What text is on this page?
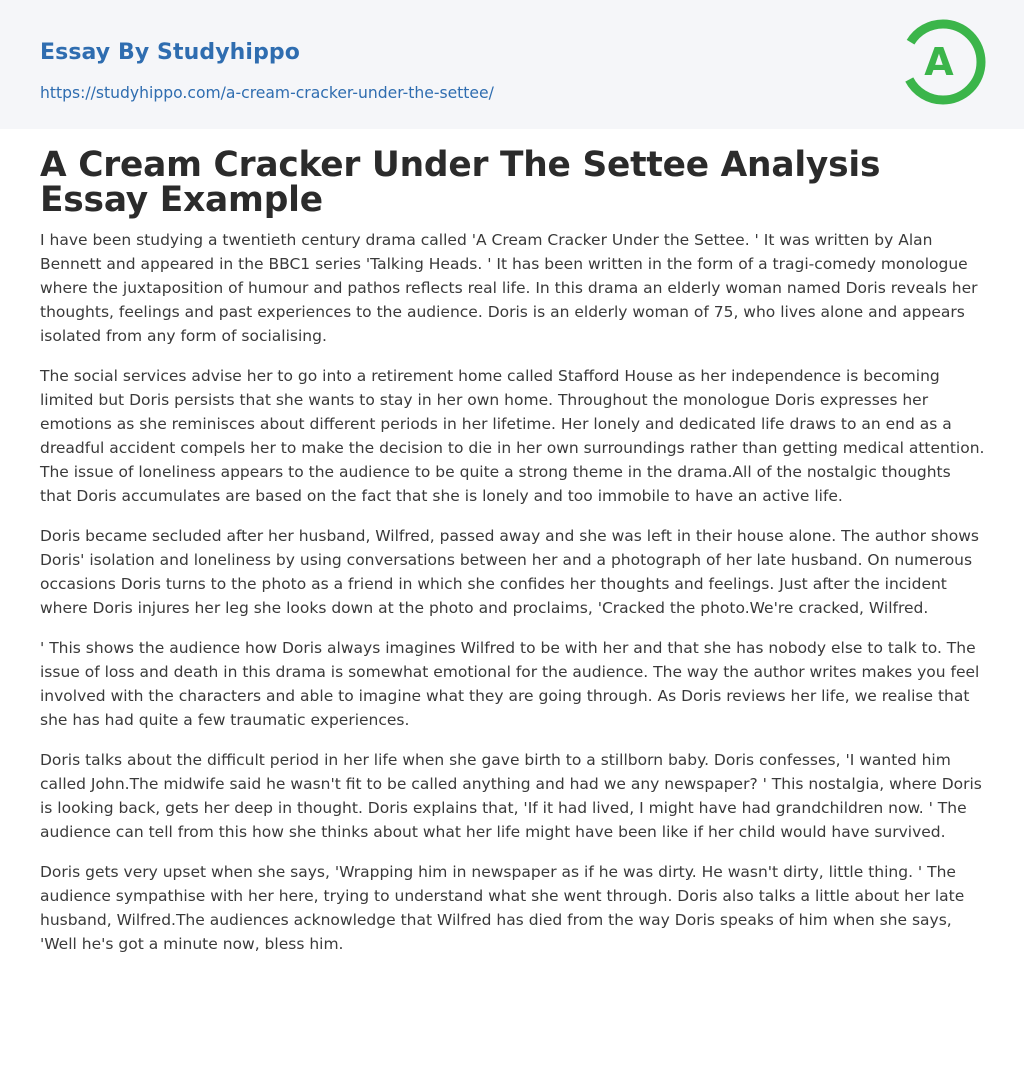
Essay By Studyhippo
https://studyhippo.com/a-cream-cracker-under-the-settee/
A
A Cream Cracker Under The Settee Analysis Essay Example

I have been studying a twentieth century drama called 'A Cream Cracker Under the Settee. ' It was written by Alan Bennett and appeared in the BBC1 series 'Talking Heads. ' It has been written in the form of a tragi-comedy monologue where the juxtaposition of humour and pathos reflects real life. In this drama an elderly woman named Doris reveals her thoughts, feelings and past experiences to the audience. Doris is an elderly woman of 75, who lives alone and appears isolated from any form of socialising.

The social services advise her to go into a retirement home called Stafford House as her independence is becoming limited but Doris persists that she wants to stay in her own home. Throughout the monologue Doris expresses her emotions as she reminisces about different periods in her lifetime. Her lonely and dedicated life draws to an end as a dreadful accident compels her to make the decision to die in her own surroundings rather than getting medical attention. The issue of loneliness appears to the audience to be quite a strong theme in the drama.All of the nostalgic thoughts that Doris accumulates are based on the fact that she is lonely and too immobile to have an active life.

Doris became secluded after her husband, Wilfred, passed away and she was left in their house alone. The author shows Doris' isolation and loneliness by using conversations between her and a photograph of her late husband. On numerous occasions Doris turns to the photo as a friend in which she confides her thoughts and feelings. Just after the incident where Doris injures her leg she looks down at the photo and proclaims, 'Cracked the photo.We're cracked, Wilfred.

' This shows the audience how Doris always imagines Wilfred to be with her and that she has nobody else to talk to. The issue of loss and death in this drama is somewhat emotional for the audience. The way the author writes makes you feel involved with the characters and able to imagine what they are going through. As Doris reviews her life, we realise that she has had quite a few traumatic experiences.

Doris talks about the difficult period in her life when she gave birth to a stillborn baby. Doris confesses, 'I wanted him called John.The midwife said he wasn't fit to be called anything and had we any newspaper? ' This nostalgia, where Doris is looking back, gets her deep in thought. Doris explains that, 'If it had lived, I might have had grandchildren now. ' The audience can tell from this how she thinks about what her life might have been like if her child would have survived.

Doris gets very upset when she says, 'Wrapping him in newspaper as if he was dirty. He wasn't dirty, little thing. ' The audience sympathise with her here, trying to understand what she went through. Doris also talks a little about her late husband, Wilfred.The audiences acknowledge that Wilfred has died from the way Doris speaks of him when she says, 'Well he's got a minute now, bless him.
